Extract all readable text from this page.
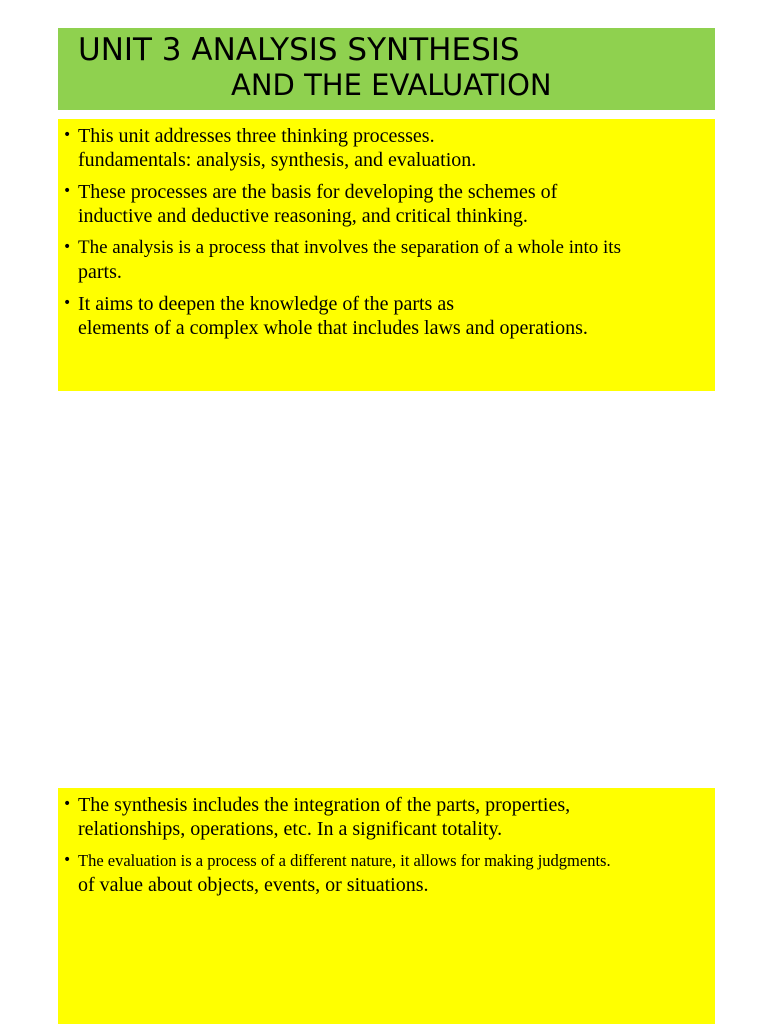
UNIT 3 ANALYSIS SYNTHESIS
AND THE EVALUATION
• This unit addresses three thinking processes.
fundamentals: analysis, synthesis, and evaluation.
• These processes are the basis for developing the schemes of
inductive and deductive reasoning, and critical thinking.
• The analysis is a process that involves the separation of a whole into its
parts.
• It aims to deepen the knowledge of the parts as
elements of a complex whole that includes laws and operations.
• The synthesis includes the integration of the parts, properties,
relationships, operations, etc. In a significant totality.
• The evaluation is a process of a different nature, it allows for making judgments.
of value about objects, events, or situations.
